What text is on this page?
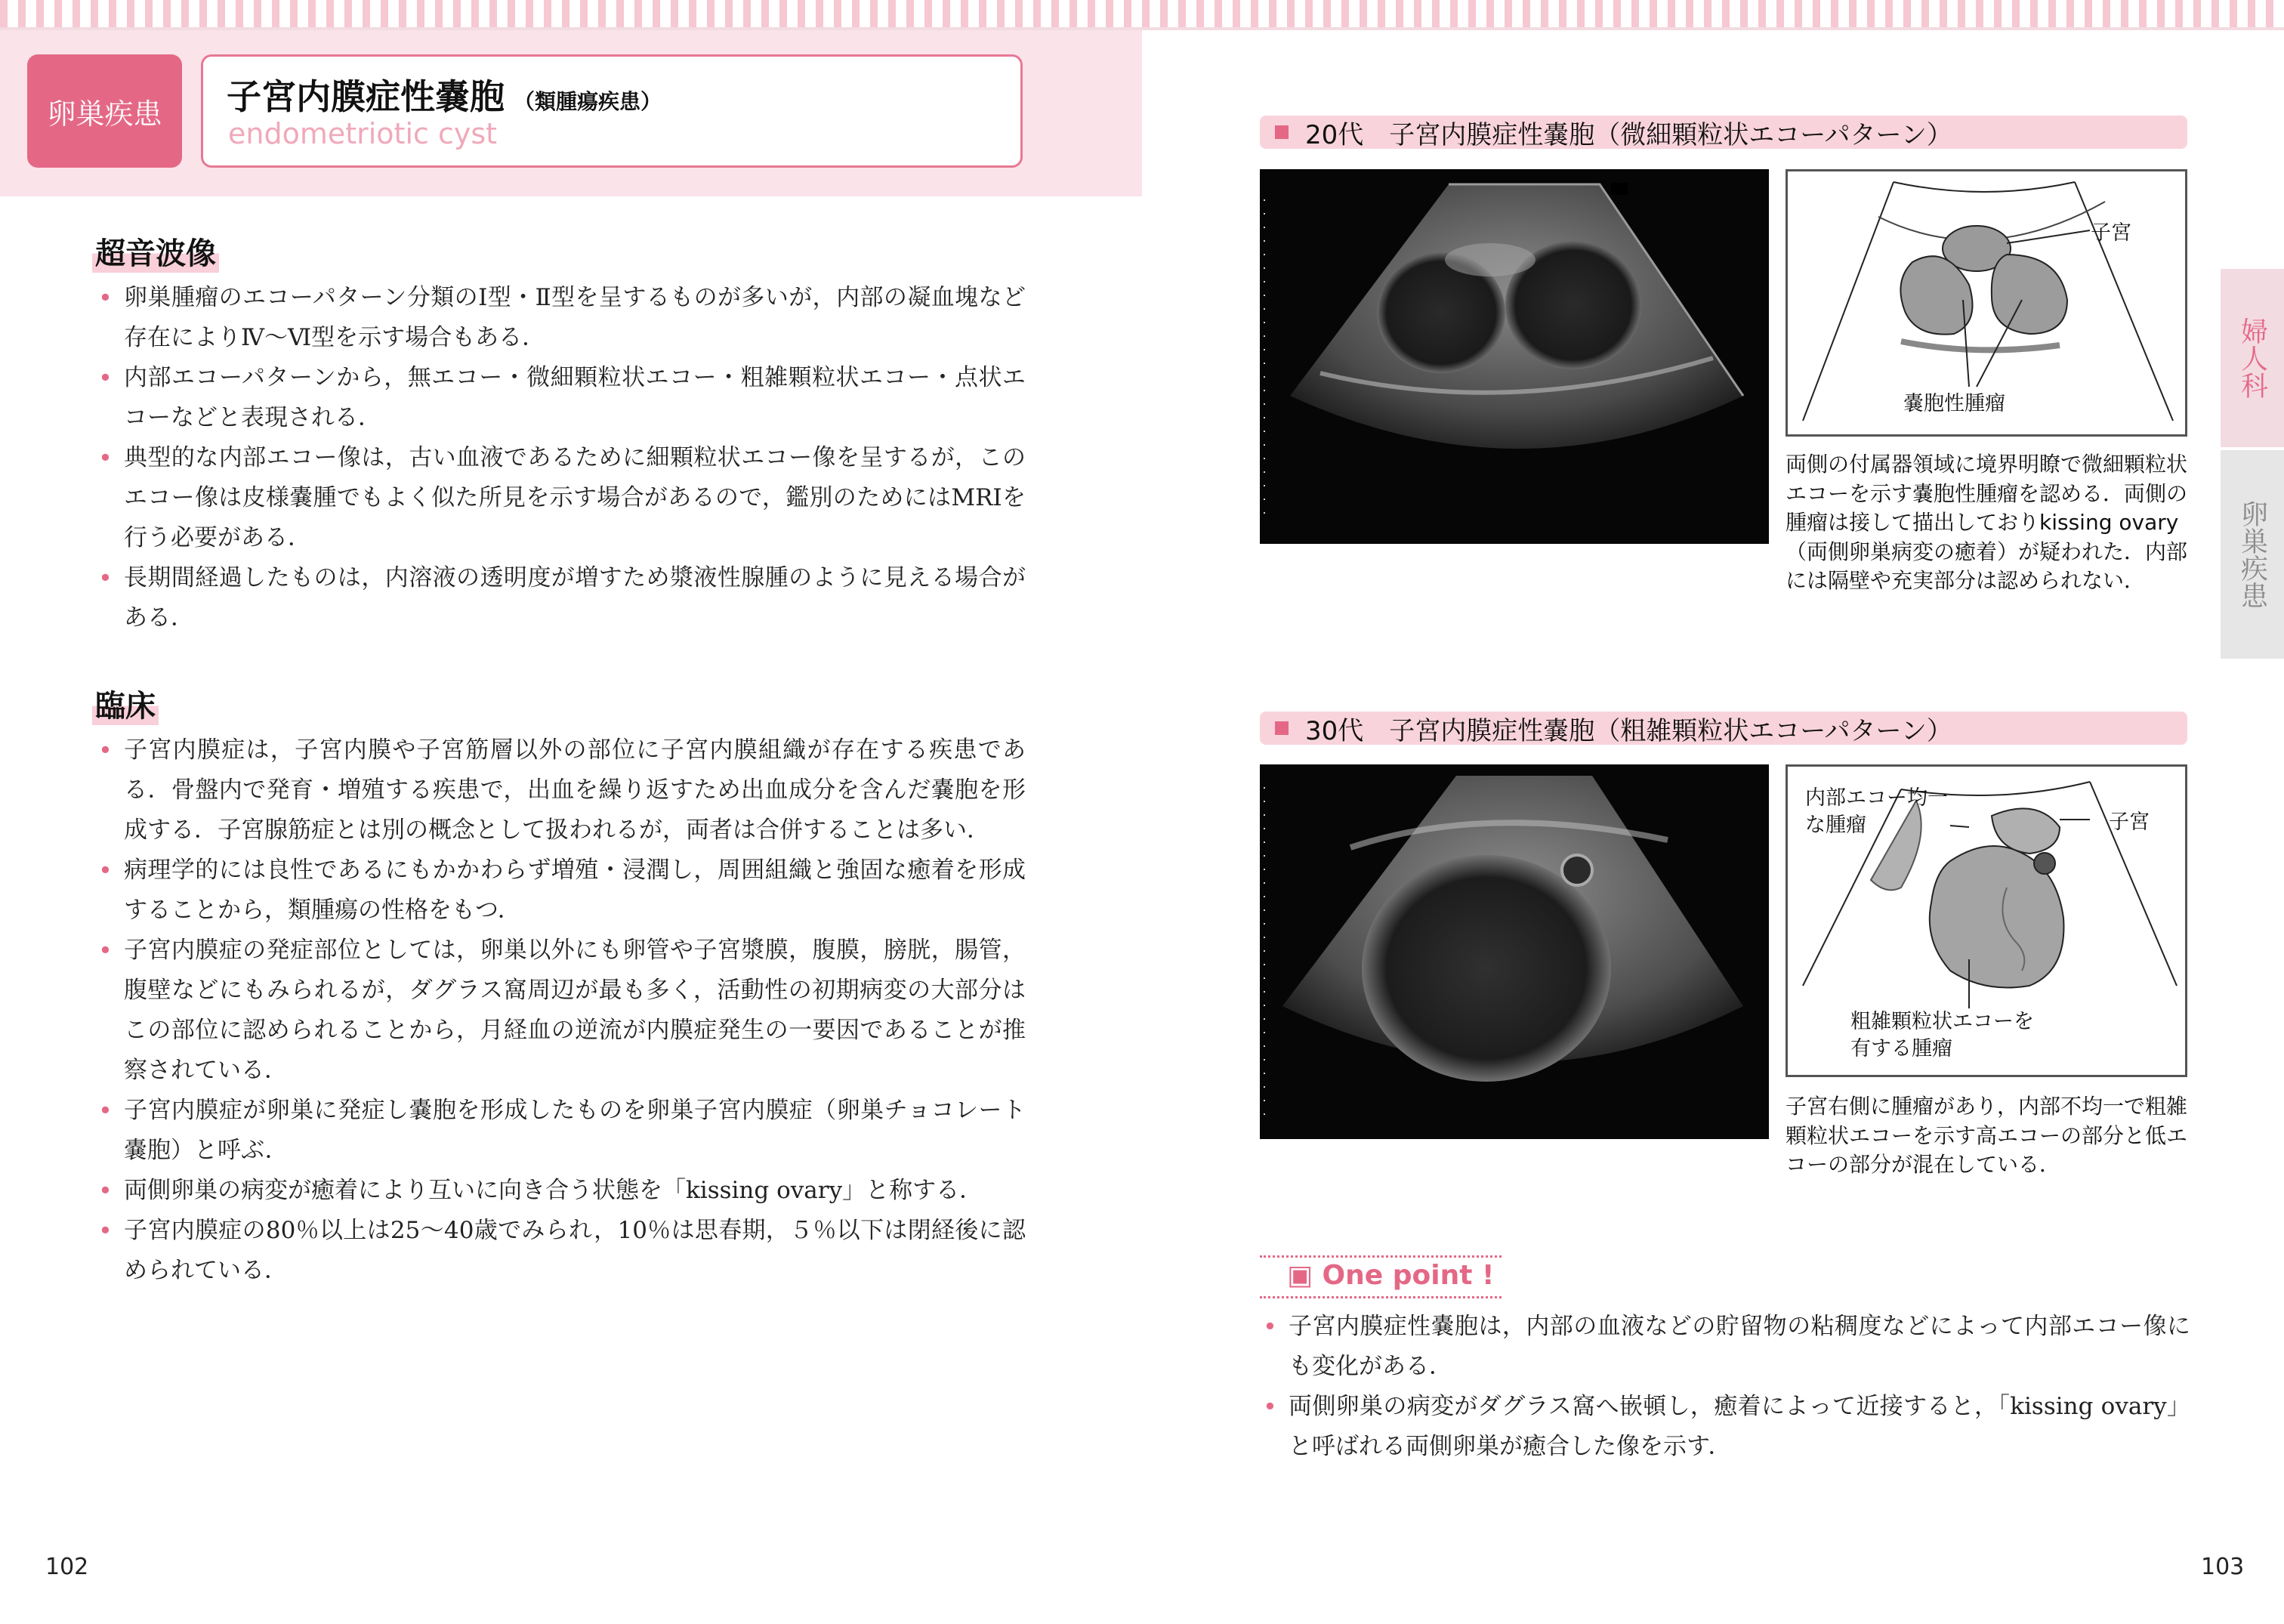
卵巣疾患	子宮内膜症性嚢胞 （類腫瘍疾患）
endometriotic cyst
超音波像
• 卵巣腫瘤のエコーパターン分類のⅠ型・Ⅱ型を呈するものが多いが，内部の凝血塊など存在によりⅣ～Ⅵ型を示す場合もある．
• 内部エコーパターンから，無エコー・微細顆粒状エコー・粗雑顆粒状エコー・点状エコーなどと表現される．
• 典型的な内部エコー像は，古い血液であるために細顆粒状エコー像を呈するが，このエコー像は皮様嚢腫でもよく似た所見を示す場合があるので，鑑別のためにはMRIを行う必要がある．
• 長期間経過したものは，内溶液の透明度が増すため漿液性腺腫のように見える場合がある．
臨床
• 子宮内膜症は，子宮内膜や子宮筋層以外の部位に子宮内膜組織が存在する疾患である．骨盤内で発育・増殖する疾患で，出血を繰り返すため出血成分を含んだ嚢胞を形成する．子宮腺筋症とは別の概念として扱われるが，両者は合併することは多い．
• 病理学的には良性であるにもかかわらず増殖・浸潤し，周囲組織と強固な癒着を形成することから，類腫瘍の性格をもつ．
• 子宮内膜症の発症部位としては，卵巣以外にも卵管や子宮漿膜，腹膜，膀胱，腸管，腹壁などにもみられるが，ダグラス窩周辺が最も多く，活動性の初期病変の大部分はこの部位に認められることから，月経血の逆流が内膜症発生の一要因であることが推察されている．
• 子宮内膜症が卵巣に発症し嚢胞を形成したものを卵巣子宮内膜症（卵巣チョコレート嚢胞）と呼ぶ．
• 両側卵巣の病変が癒着により互いに向き合う状態を「kissing ovary」と称する．
• 子宮内膜症の80％以上は25～40歳でみられ，10％は思春期，５％以下は閉経後に認められている．
102
20代　子宮内膜症性嚢胞（微細顆粒状エコーパターン）
子宮
嚢胞性腫瘤
両側の付属器領域に境界明瞭で微細顆粒状エコーを示す嚢胞性腫瘤を認める．両側の腫瘤は接して描出しておりkissing ovary（両側卵巣病変の癒着）が疑われた．内部には隔壁や充実部分は認められない．
30代　子宮内膜症性嚢胞（粗雑顆粒状エコーパターン）
内部エコー均一
な腫瘤	子宮
粗雑顆粒状エコーを
有する腫瘤
子宮右側に腫瘤があり，内部不均一で粗雑顆粒状エコーを示す高エコーの部分と低エコーの部分が混在している．
▣ One point !
• 子宮内膜症性嚢胞は，内部の血液などの貯留物の粘稠度などによって内部エコー像にも変化がある．
• 両側卵巣の病変がダグラス窩へ嵌頓し，癒着によって近接すると，「kissing ovary」と呼ばれる両側卵巣が癒合した像を示す．
婦人科
卵巣疾患
103
